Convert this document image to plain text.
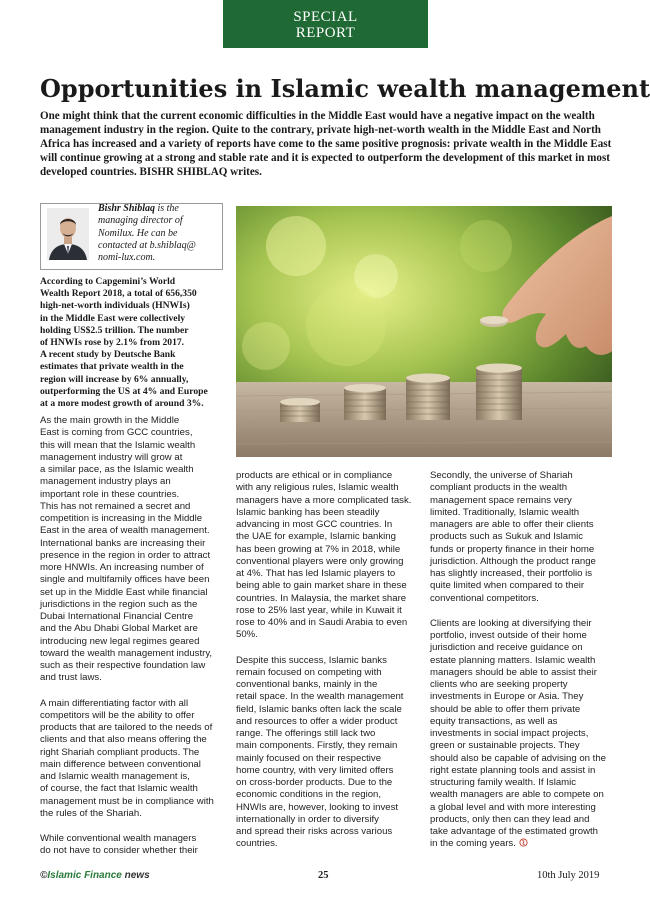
SPECIAL
REPORT
Opportunities in Islamic wealth management
One might think that the current economic difficulties in the Middle East would have a negative impact on the wealth management industry in the region. Quite to the contrary, private high-net-worth wealth in the Middle East and North Africa has increased and a variety of reports have come to the same positive prognosis: private wealth in the Middle East will continue growing at a strong and stable rate and it is expected to outperform the development of this market in most developed countries. BISHR SHIBLAQ writes.
Bishr Shiblaq is the
managing director of
Nomilux. He can be
contacted at b.shiblaq@
nomi-lux.com.
According to Capgemini’s World
Wealth Report 2018, a total of 656,350
high-net-worth individuals (HNWIs)
in the Middle East were collectively
holding US$2.5 trillion. The number
of HNWIs rose by 2.1% from 2017.
A recent study by Deutsche Bank
estimates that private wealth in the
region will increase by 6% annually,
outperforming the US at 4% and Europe
at a more modest growth of around 3%.

As the main growth in the Middle
East is coming from GCC countries,
this will mean that the Islamic wealth
management industry will grow at
a similar pace, as the Islamic wealth
management industry plays an
important role in these countries.
This has not remained a secret and
competition is increasing in the Middle
East in the area of wealth management.
International banks are increasing their
presence in the region in order to attract
more HNWIs. An increasing number of
single and multifamily offices have been
set up in the Middle East while financial
jurisdictions in the region such as the
Dubai International Financial Centre
and the Abu Dhabi Global Market are
introducing new legal regimes geared
toward the wealth management industry,
such as their respective foundation law
and trust laws.

A main differentiating factor with all
competitors will be the ability to offer
products that are tailored to the needs of
clients and that also means offering the
right Shariah compliant products. The
main difference between conventional
and Islamic wealth management is,
of course, the fact that Islamic wealth
management must be in compliance with
the rules of the Shariah.

While conventional wealth managers
do not have to consider whether their

products are ethical or in compliance
with any religious rules, Islamic wealth
managers have a more complicated task.
Islamic banking has been steadily
advancing in most GCC countries. In
the UAE for example, Islamic banking
has been growing at 7% in 2018, while
conventional players were only growing
at 4%. That has led Islamic players to
being able to gain market share in these
countries. In Malaysia, the market share
rose to 25% last year, while in Kuwait it
rose to 40% and in Saudi Arabia to even
50%.

Despite this success, Islamic banks
remain focused on competing with
conventional banks, mainly in the
retail space. In the wealth management
field, Islamic banks often lack the scale
and resources to offer a wider product
range. The offerings still lack two
main components. Firstly, they remain
mainly focused on their respective
home country, with very limited offers
on cross-border products. Due to the
economic conditions in the region,
HNWIs are, however, looking to invest
internationally in order to diversify
and spread their risks across various
countries.

Secondly, the universe of Shariah
compliant products in the wealth
management space remains very
limited. Traditionally, Islamic wealth
managers are able to offer their clients
products such as Sukuk and Islamic
funds or property finance in their home
jurisdiction. Although the product range
has slightly increased, their portfolio is
quite limited when compared to their
conventional competitors.

Clients are looking at diversifying their
portfolio, invest outside of their home
jurisdiction and receive guidance on
estate planning matters. Islamic wealth
managers should be able to assist their
clients who are seeking property
investments in Europe or Asia. They
should be able to offer them private
equity transactions, as well as
investments in social impact projects,
green or sustainable projects. They
should also be capable of advising on the
right estate planning tools and assist in
structuring family wealth. If Islamic
wealth managers are able to compete on
a global level and with more interesting
products, only then can they lead and
take advantage of the estimated growth
in the coming years.

©Islamic Finance news	25	10th July 2019
